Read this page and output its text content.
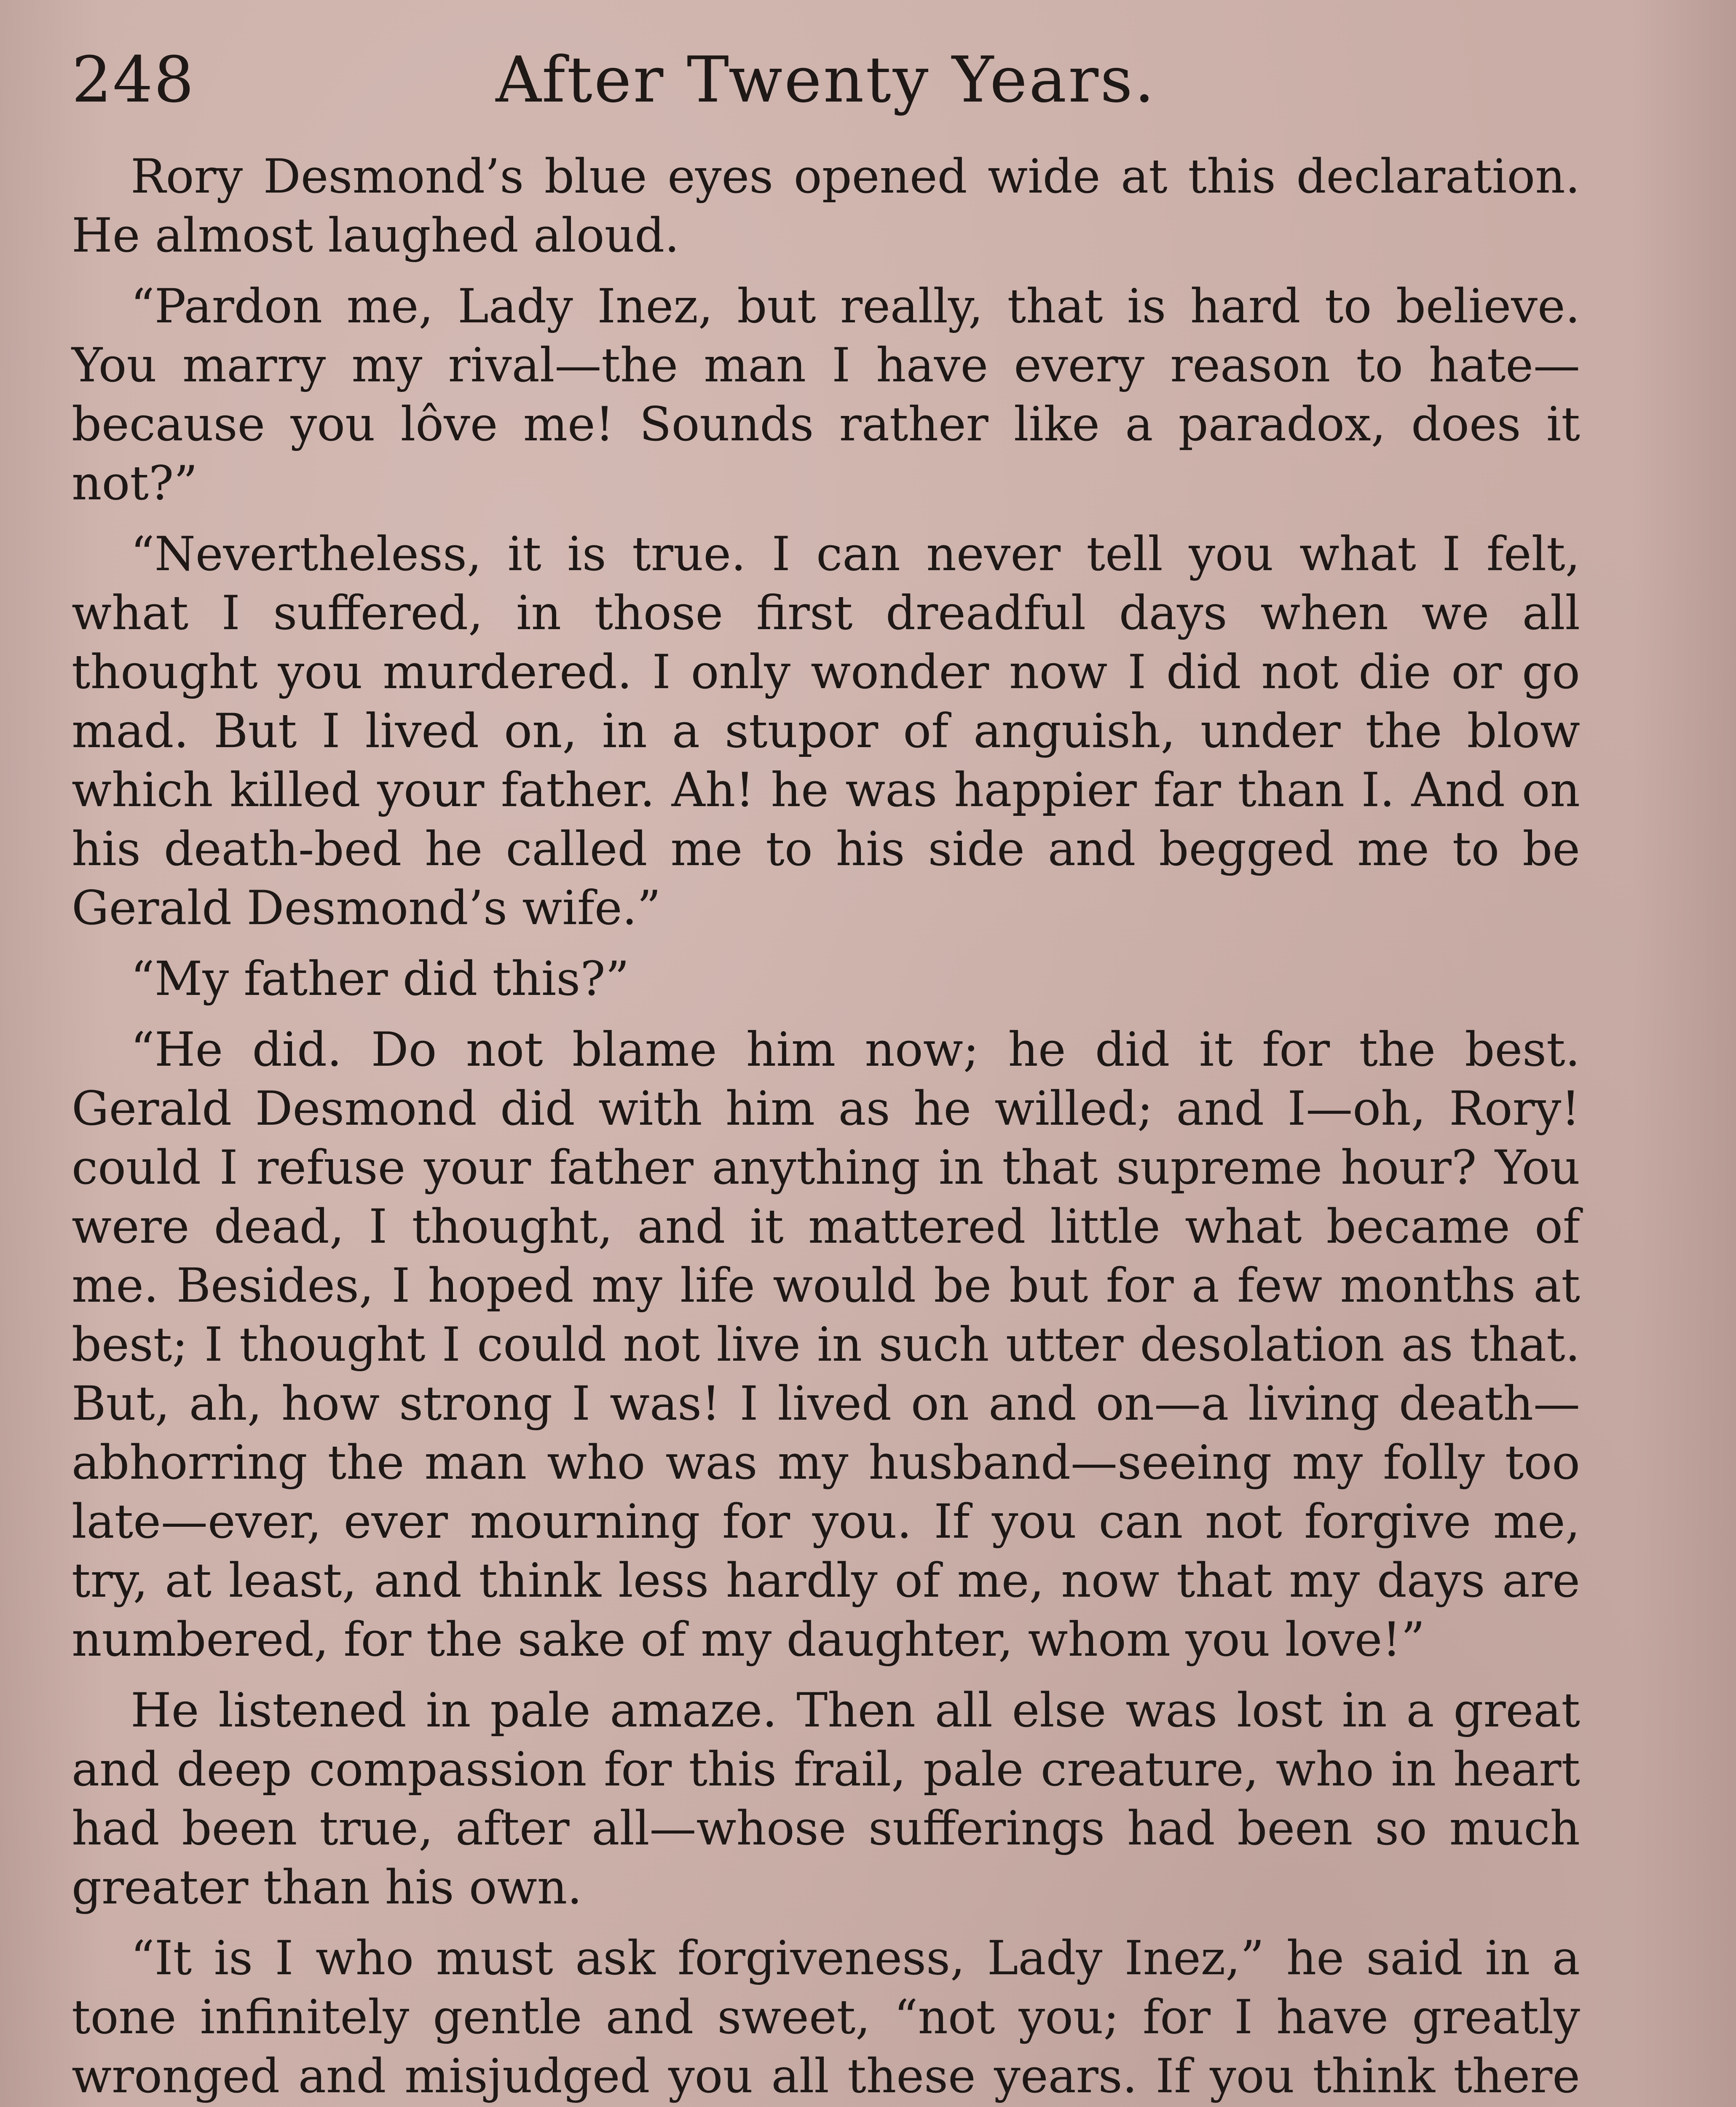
248	After Twenty Years.

Rory Desmond’s blue eyes opened wide at this declaration. He almost laughed aloud.

“Pardon me, Lady Inez, but really, that is hard to believe. You marry my rival—the man I have every reason to hate—because you lôve me! Sounds rather like a paradox, does it not?”

“Nevertheless, it is true. I can never tell you what I felt, what I suffered, in those first dreadful days when we all thought you murdered. I only wonder now I did not die or go mad. But I lived on, in a stupor of anguish, under the blow which killed your father. Ah! he was happier far than I. And on his death-bed he called me to his side and begged me to be Gerald Desmond’s wife.”

“My father did this?”

“He did. Do not blame him now; he did it for the best. Gerald Desmond did with him as he willed; and I—oh, Rory! could I refuse your father anything in that supreme hour? You were dead, I thought, and it mattered little what became of me. Besides, I hoped my life would be but for a few months at best; I thought I could not live in such utter desolation as that. But, ah, how strong I was! I lived on and on—a living death—abhorring the man who was my husband—seeing my folly too late—ever, ever mourning for you. If you can not forgive me, try, at least, and think less hardly of me, now that my days are numbered, for the sake of my daughter, whom you love!”

He listened in pale amaze. Then all else was lost in a great and deep compassion for this frail, pale creature, who in heart had been true, after all—whose sufferings had been so much greater than his own.

“It is I who must ask forgiveness, Lady Inez,” he said in a tone infinitely gentle and sweet, “not you; for I have greatly wronged and misjudged you all these years. If you think there
